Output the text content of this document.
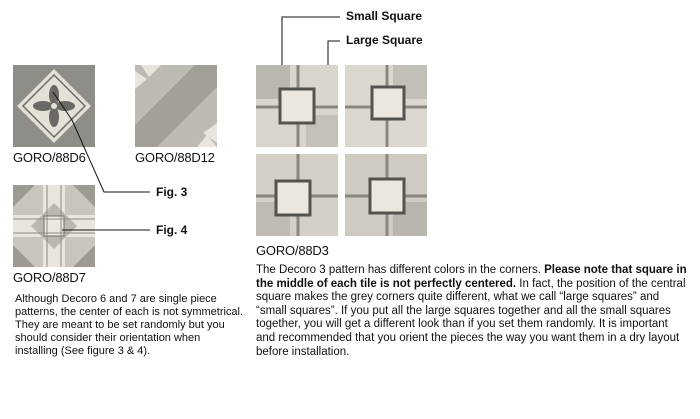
GORO/88D6	GORO/88D12
GORO/88D7
Fig. 3
Fig. 4
Although Decoro 6 and 7 are single piece patterns, the center of each is not symmetrical. They are meant to be set randomly but you should consider their orientation when installing (See figure 3 & 4).
Small Square
Large Square
GORO/88D3
The Decoro 3 pattern has different colors in the corners. Please note that square in the middle of each tile is not perfectly centered. In fact, the position of the central square makes the grey corners quite different, what we call “large squares” and “small squares”. If you put all the large squares together and all the small squares together, you will get a different look than if you set them randomly. It is important and recommended that you orient the pieces the way you want them in a dry layout before installation.
